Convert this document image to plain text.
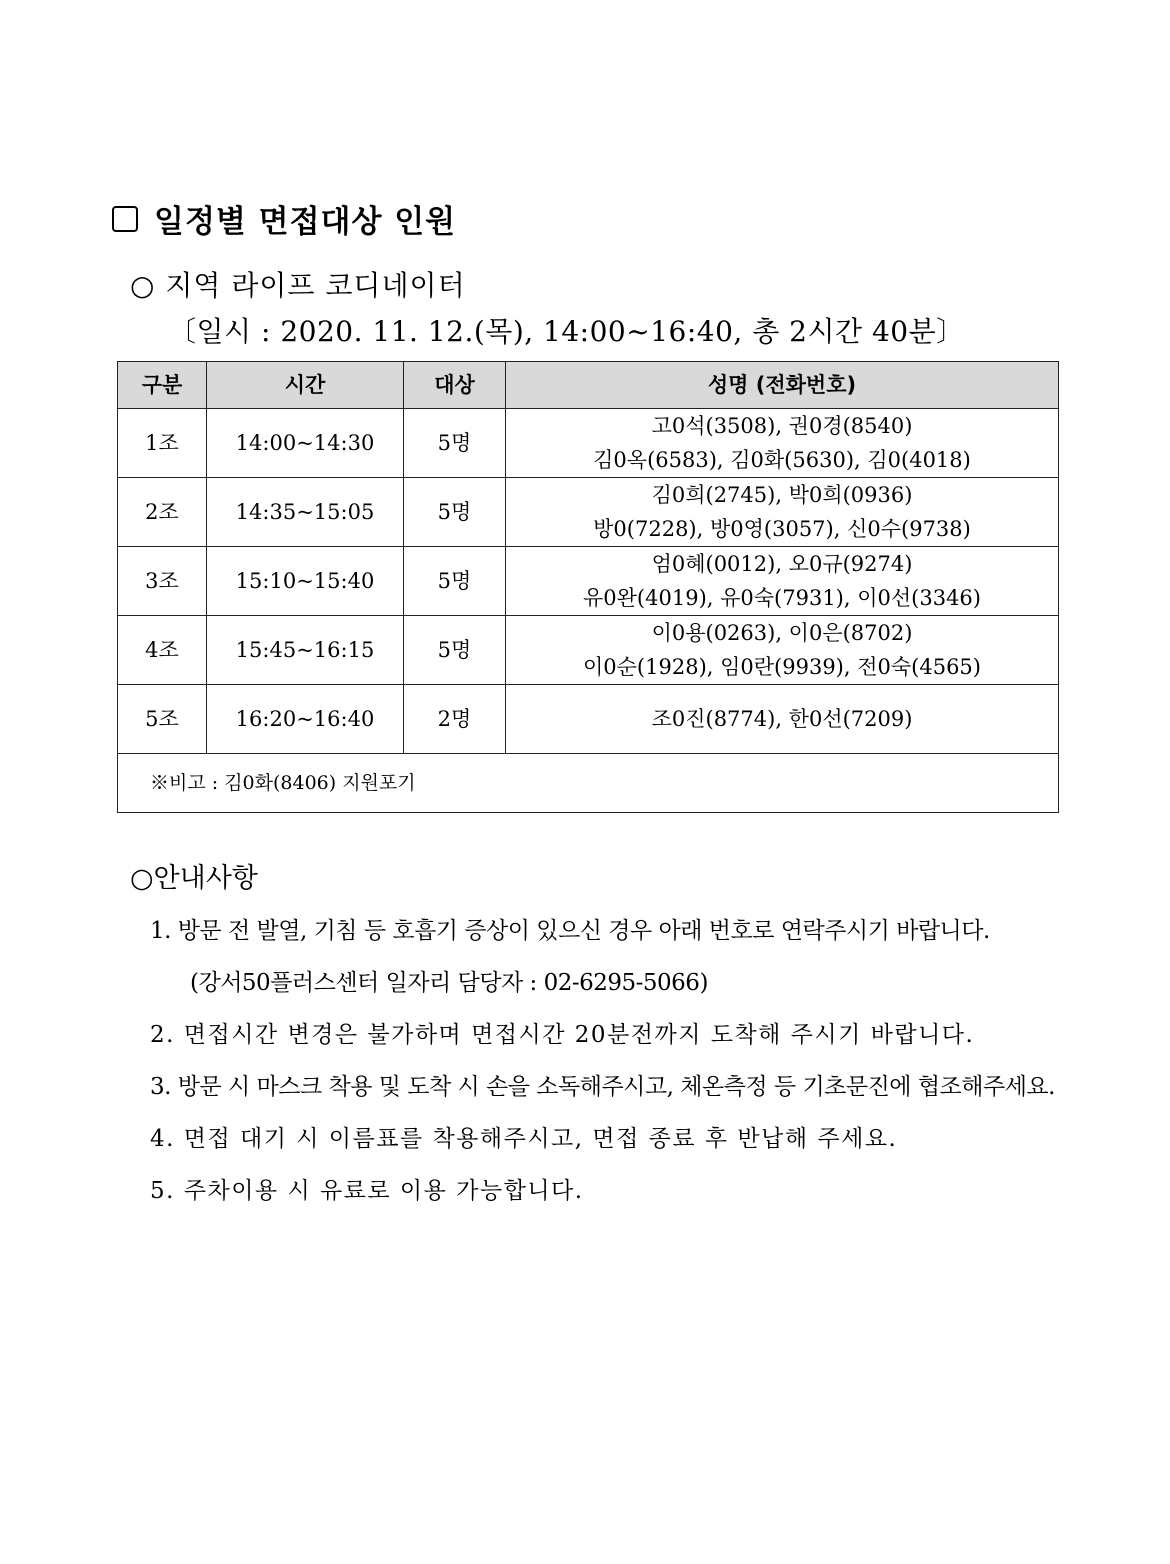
일정별 면접대상 인원
○ 지역 라이프 코디네이터
〔일시 : 2020. 11. 12.(목), 14:00~16:40, 총 2시간 40분〕
구분	시간	대상	성명 (전화번호)
1조	14:00~14:30	5명	고0석(3508), 권0경(8540)
김0옥(6583), 김0화(5630), 김0(4018)

2조	14:35~15:05	5명	김0희(2745), 박0희(0936)
방0(7228), 방0영(3057), 신0수(9738)

3조	15:10~15:40	5명	엄0혜(0012), 오0규(9274)
유0완(4019), 유0숙(7931), 이0선(3346)

4조	15:45~16:15	5명	이0용(0263), 이0은(8702)
이0순(1928), 임0란(9939), 전0숙(4565)

5조	16:20~16:40	2명	조0진(8774), 한0선(7209)

※비고 : 김0화(8406) 지원포기			
○안내사항
1. 방문 전 발열, 기침 등 호흡기 증상이 있으신 경우 아래 번호로 연락주시기 바랍니다.
(강서50플러스센터 일자리 담당자 : 02-6295-5066)
2. 면접시간 변경은 불가하며 면접시간 20분전까지 도착해 주시기 바랍니다.
3. 방문 시 마스크 착용 및 도착 시 손을 소독해주시고, 체온측정 등 기초문진에 협조해주세요.
4. 면접 대기 시 이름표를 착용해주시고, 면접 종료 후 반납해 주세요.
5. 주차이용 시 유료로 이용 가능합니다.
